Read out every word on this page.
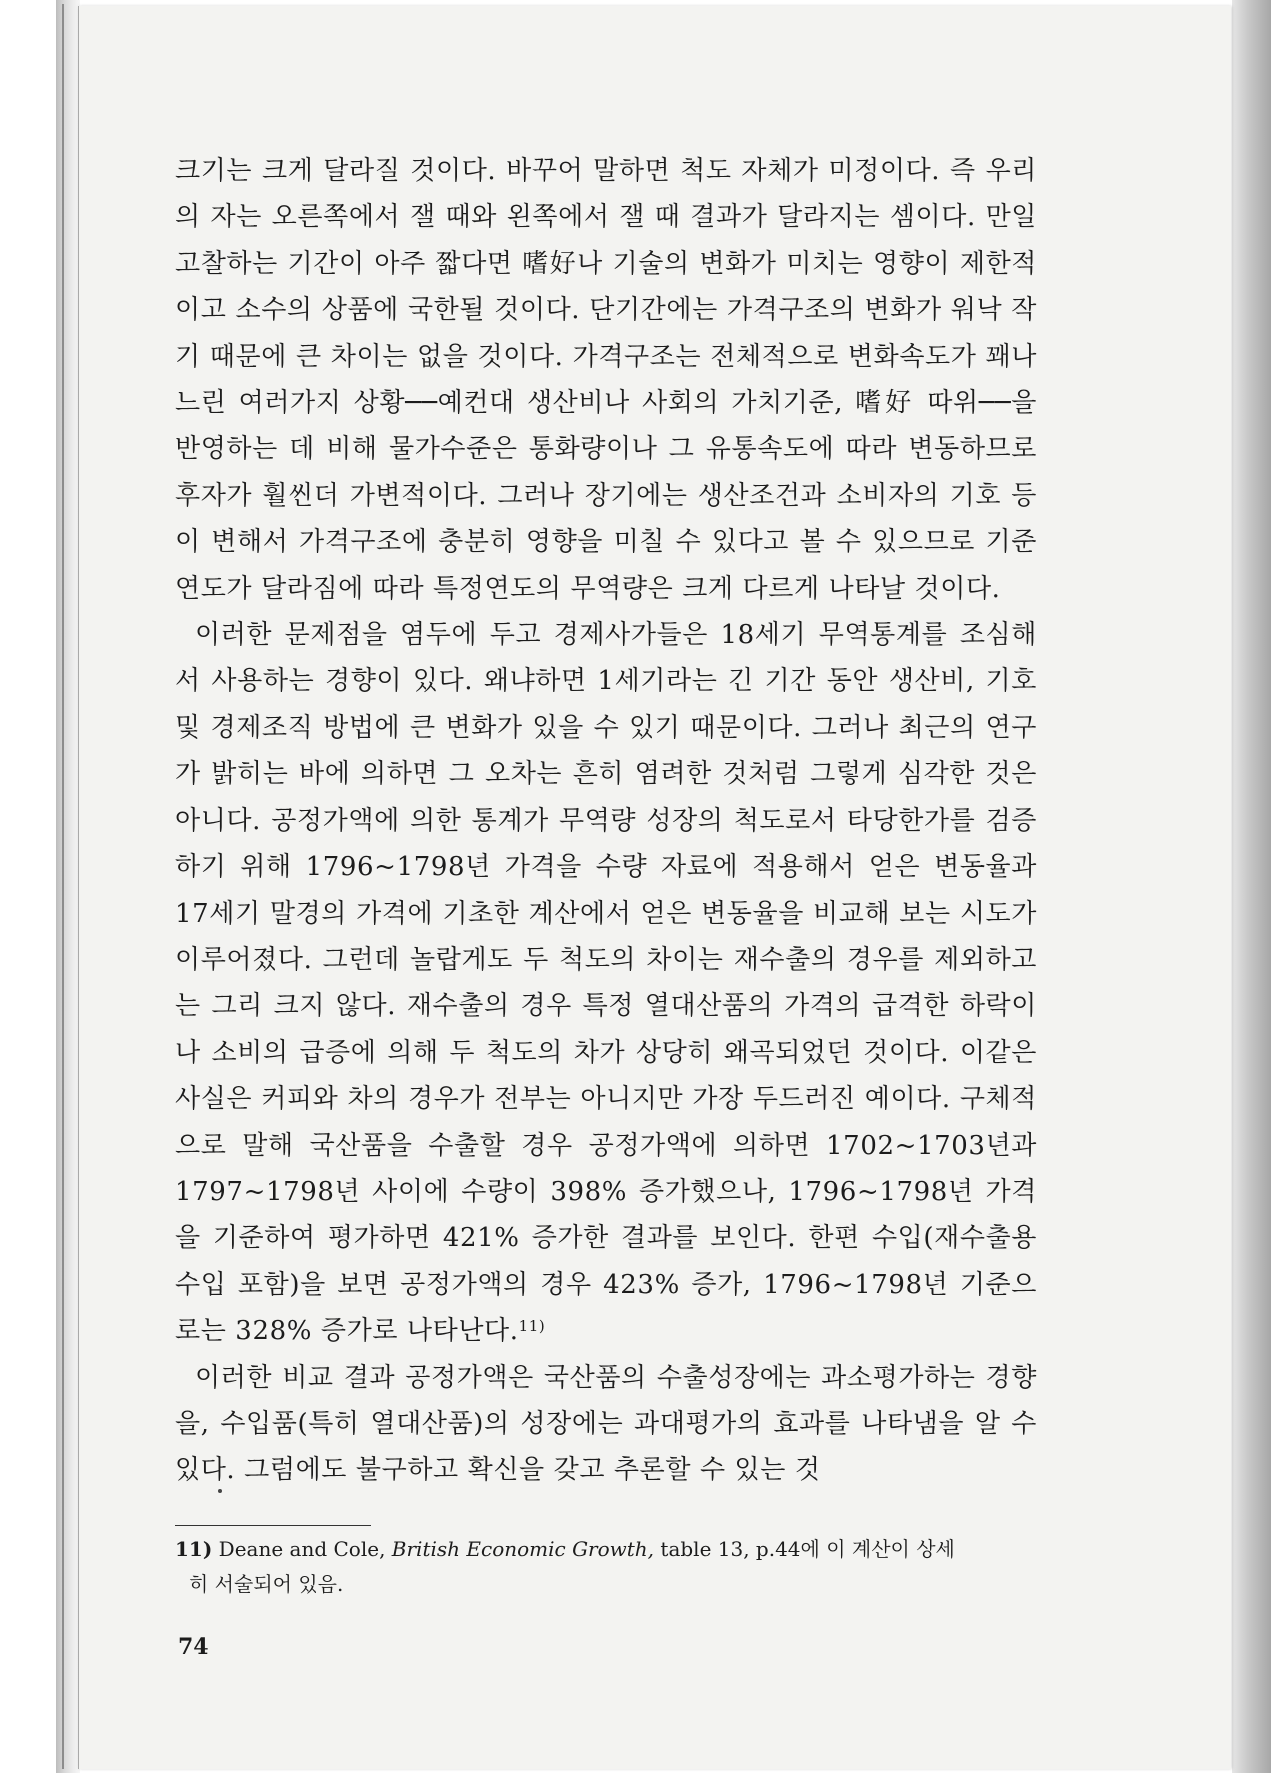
크기는 크게 달라질 것이다. 바꾸어 말하면 척도 자체가 미정이다. 즉 우리의 자는 오른쪽에서 잴 때와 왼쪽에서 잴 때 결과가 달라지는 셈이다. 만일 고찰하는 기간이 아주 짧다면 嗜好나 기술의 변화가 미치는 영향이 제한적이고 소수의 상품에 국한될 것이다. 단기간에는 가격구조의 변화가 워낙 작기 때문에 큰 차이는 없을 것이다. 가격구조는 전체적으로 변화속도가 꽤나 느린 여러가지 상황──예컨대 생산비나 사회의 가치기준, 嗜好 따위──을 반영하는 데 비해 물가수준은 통화량이나 그 유통속도에 따라 변동하므로 후자가 훨씬더 가변적이다. 그러나 장기에는 생산조건과 소비자의 기호 등이 변해서 가격구조에 충분히 영향을 미칠 수 있다고 볼 수 있으므로 기준연도가 달라짐에 따라 특정연도의 무역량은 크게 다르게 나타날 것이다.

이러한 문제점을 염두에 두고 경제사가들은 18세기 무역통계를 조심해서 사용하는 경향이 있다. 왜냐하면 1세기라는 긴 기간 동안 생산비, 기호 및 경제조직 방법에 큰 변화가 있을 수 있기 때문이다. 그러나 최근의 연구가 밝히는 바에 의하면 그 오차는 흔히 염려한 것처럼 그렇게 심각한 것은 아니다. 공정가액에 의한 통계가 무역량 성장의 척도로서 타당한가를 검증하기 위해 1796~1798년 가격을 수량 자료에 적용해서 얻은 변동율과 17세기 말경의 가격에 기초한 계산에서 얻은 변동율을 비교해 보는 시도가 이루어졌다. 그런데 놀랍게도 두 척도의 차이는 재수출의 경우를 제외하고는 그리 크지 않다. 재수출의 경우 특정 열대산품의 가격의 급격한 하락이나 소비의 급증에 의해 두 척도의 차가 상당히 왜곡되었던 것이다. 이같은 사실은 커피와 차의 경우가 전부는 아니지만 가장 두드러진 예이다. 구체적으로 말해 국산품을 수출할 경우 공정가액에 의하면 1702~1703년과 1797~1798년 사이에 수량이 398% 증가했으나, 1796~1798년 가격을 기준하여 평가하면 421% 증가한 결과를 보인다. 한편 수입(재수출용 수입 포함)을 보면 공정가액의 경우 423% 증가, 1796~1798년 기준으로는 328% 증가로 나타난다.$^{11)}$

이러한 비교 결과 공정가액은 국산품의 수출성장에는 과소평가하는 경향을, 수입품(특히 열대산품)의 성장에는 과대평가의 효과를 나타냄을 알 수 있다. 그럼에도 불구하고 확신을 갖고 추론할 수 있는 것

11) Deane and Cole, British Economic Growth, table 13, p.44에 이 계산이 상세
히 서술되어 있음.
74
